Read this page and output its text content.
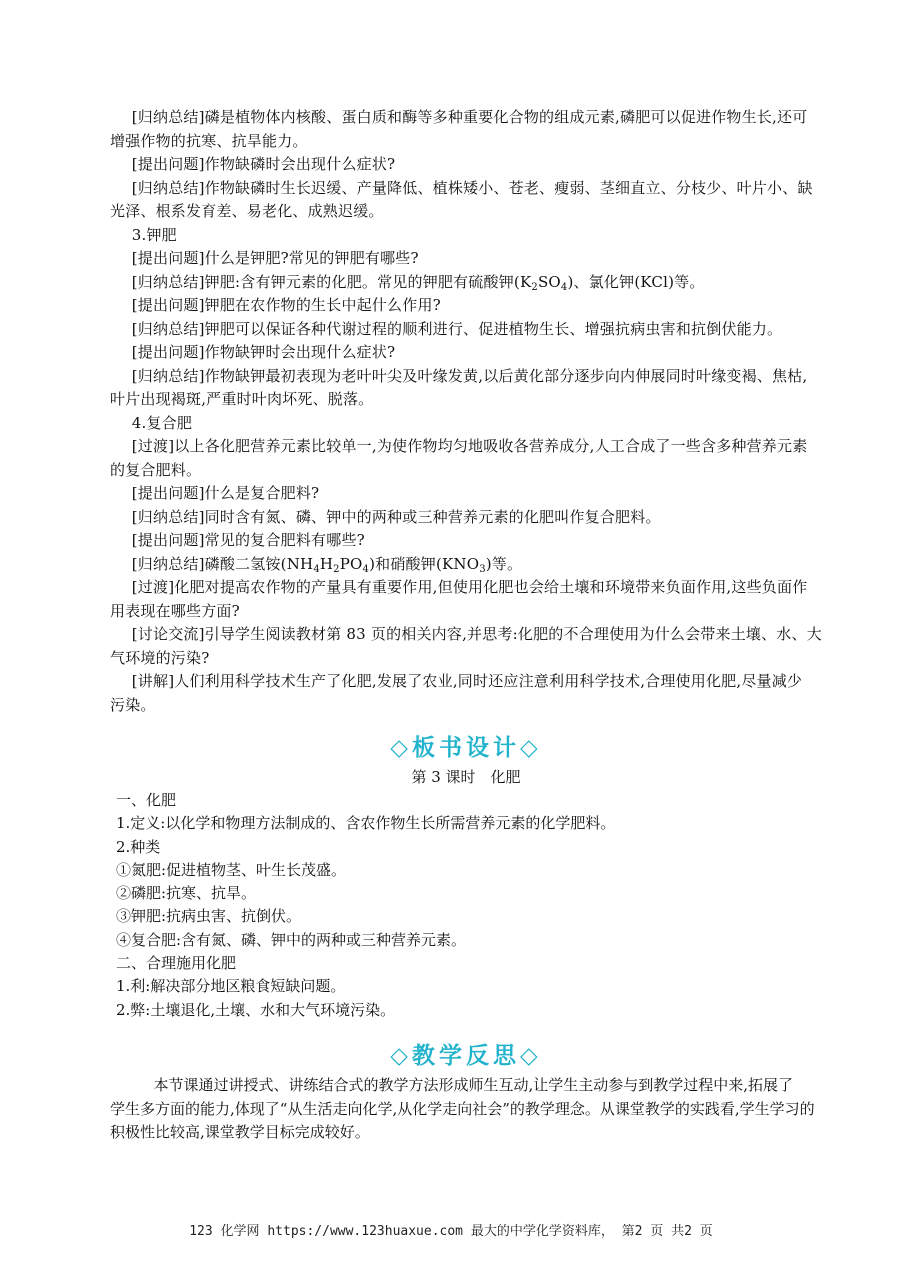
[归纳总结]磷是植物体内核酸、蛋白质和酶等多种重要化合物的组成元素,磷肥可以促进作物生长,还可

增强作物的抗寒、抗旱能力。

[提出问题]作物缺磷时会出现什么症状?

[归纳总结]作物缺磷时生长迟缓、产量降低、植株矮小、苍老、瘦弱、茎细直立、分枝少、叶片小、缺

光泽、根系发育差、易老化、成熟迟缓。

3.钾肥

[提出问题]什么是钾肥?常见的钾肥有哪些?

[归纳总结]钾肥:含有钾元素的化肥。常见的钾肥有硫酸钾$(K_2SO_4)$、氯化钾(KCl)等。

[提出问题]钾肥在农作物的生长中起什么作用?

[归纳总结]钾肥可以保证各种代谢过程的顺利进行、促进植物生长、增强抗病虫害和抗倒伏能力。

[提出问题]作物缺钾时会出现什么症状?

[归纳总结]作物缺钾最初表现为老叶叶尖及叶缘发黄,以后黄化部分逐步向内伸展同时叶缘变褐、焦枯,

叶片出现褐斑,严重时叶肉坏死、脱落。

4.复合肥

[过渡]以上各化肥营养元素比较单一,为使作物均匀地吸收各营养成分,人工合成了一些含多种营养元素

的复合肥料。

[提出问题]什么是复合肥料?

[归纳总结]同时含有氮、磷、钾中的两种或三种营养元素的化肥叫作复合肥料。

[提出问题]常见的复合肥料有哪些?

[归纳总结]磷酸二氢铵$(NH_4H_2PO_4)$和硝酸钾$(KNO_3)$等。

[过渡]化肥对提高农作物的产量具有重要作用,但使用化肥也会给土壤和环境带来负面作用,这些负面作

用表现在哪些方面?

[讨论交流]引导学生阅读教材第 83 页的相关内容,并思考:化肥的不合理使用为什么会带来土壤、水、大

气环境的污染?

[讲解]人们利用科学技术生产了化肥,发展了农业,同时还应注意利用科学技术,合理使用化肥,尽量减少

污染。

◇板书设计◇

第 3 课时　化肥

一、化肥

1.定义:以化学和物理方法制成的、含农作物生长所需营养元素的化学肥料。

2.种类

①氮肥:促进植物茎、叶生长茂盛。

②磷肥:抗寒、抗旱。

③钾肥:抗病虫害、抗倒伏。

④复合肥:含有氮、磷、钾中的两种或三种营养元素。

二、合理施用化肥

1.利:解决部分地区粮食短缺问题。

2.弊:土壤退化,土壤、水和大气环境污染。

◇教学反思◇

本节课通过讲授式、讲练结合式的教学方法形成师生互动,让学生主动参与到教学过程中来,拓展了

学生多方面的能力,体现了“从生活走向化学,从化学走向社会”的教学理念。从课堂教学的实践看,学生学习的

积极性比较高,课堂教学目标完成较好。

123 化学网 https://www.123huaxue.com 最大的中学化学资料库， 第2 页 共2 页
